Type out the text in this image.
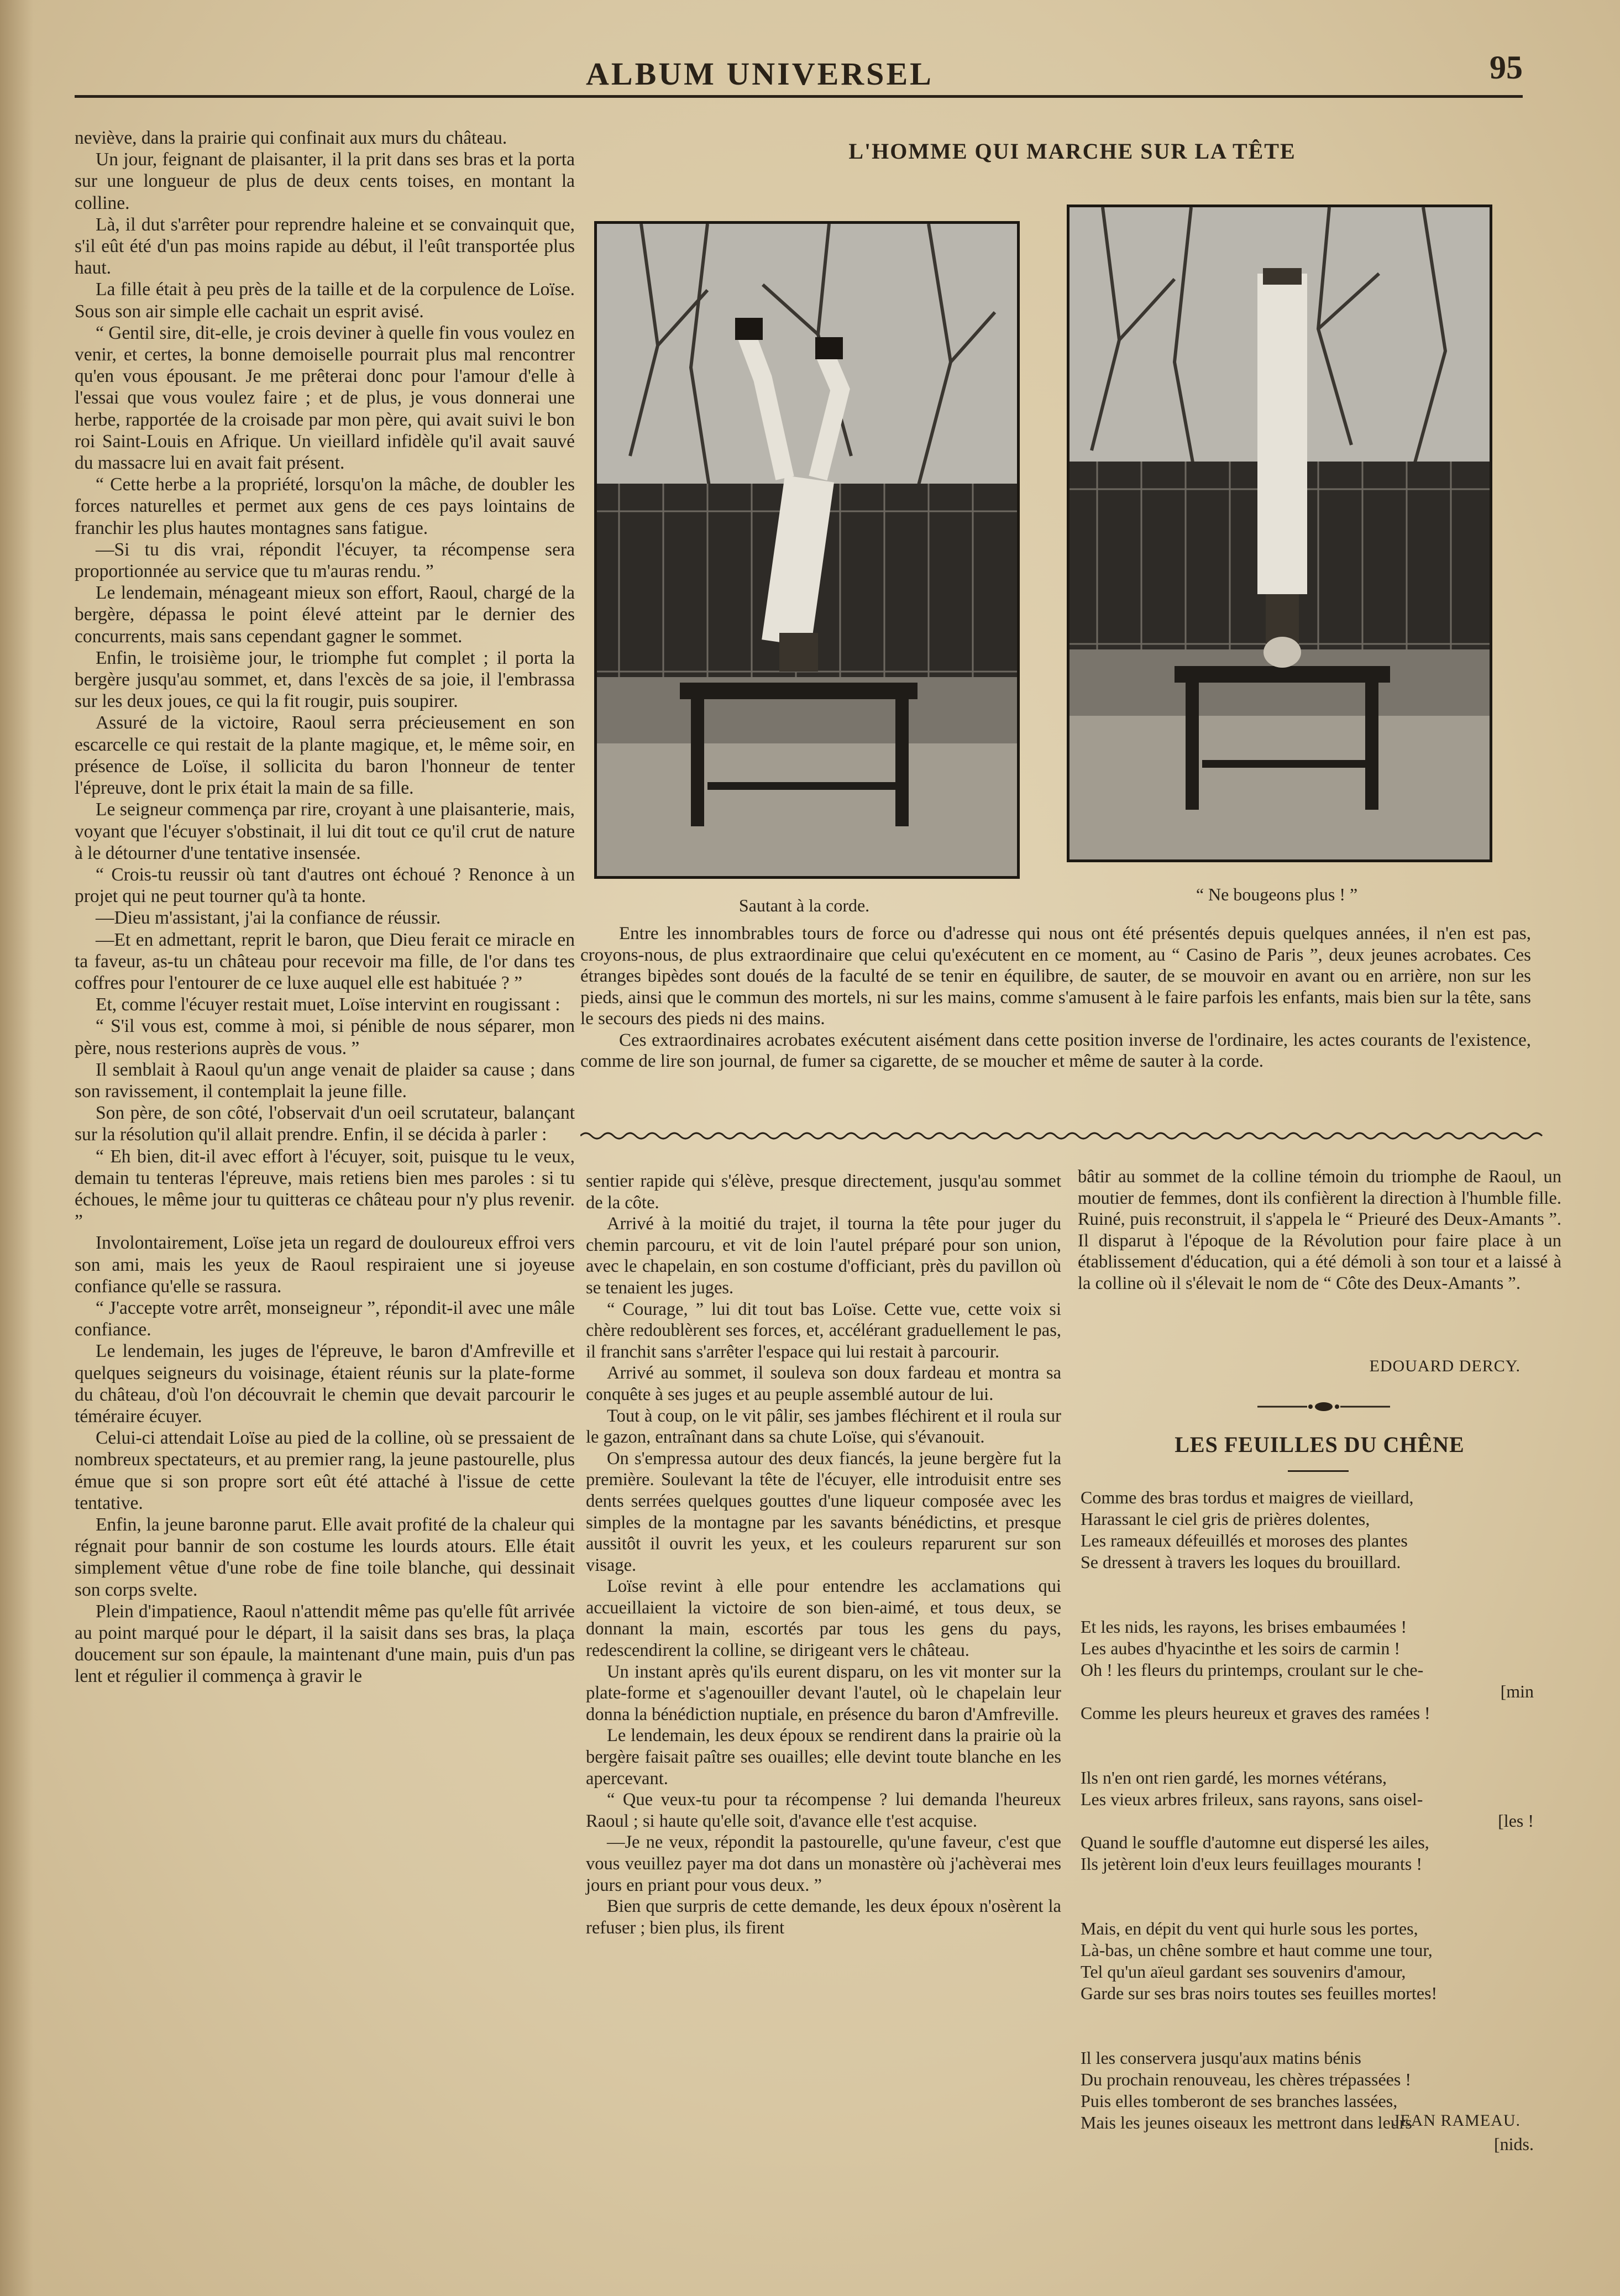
ALBUM UNIVERSEL	95

neviève, dans la prairie qui confinait aux murs du château.

Un jour, feignant de plaisanter, il la prit dans ses bras et la porta sur une longueur de plus de deux cents toises, en montant la colline.

Là, il dut s'arrêter pour reprendre haleine et se convainquit que, s'il eût été d'un pas moins rapide au début, il l'eût transportée plus haut.

La fille était à peu près de la taille et de la corpulence de Loïse. Sous son air simple elle cachait un esprit avisé.

“ Gentil sire, dit-elle, je crois deviner à quelle fin vous voulez en venir, et certes, la bonne demoiselle pourrait plus mal rencontrer qu'en vous épousant. Je me prêterai donc pour l'amour d'elle à l'essai que vous voulez faire ; et de plus, je vous donnerai une herbe, rapportée de la croisade par mon père, qui avait suivi le bon roi Saint-Louis en Afrique. Un vieillard infidèle qu'il avait sauvé du massacre lui en avait fait présent.

“ Cette herbe a la propriété, lorsqu'on la mâche, de doubler les forces naturelles et permet aux gens de ces pays lointains de franchir les plus hautes montagnes sans fatigue.

—Si tu dis vrai, répondit l'écuyer, ta récompense sera proportionnée au service que tu m'auras rendu. ”

Le lendemain, ménageant mieux son effort, Raoul, chargé de la bergère, dépassa le point élevé atteint par le dernier des concurrents, mais sans cependant gagner le sommet.

Enfin, le troisième jour, le triomphe fut complet ; il porta la bergère jusqu'au sommet, et, dans l'excès de sa joie, il l'embrassa sur les deux joues, ce qui la fit rougir, puis soupirer.

Assuré de la victoire, Raoul serra précieusement en son escarcelle ce qui restait de la plante magique, et, le même soir, en présence de Loïse, il sollicita du baron l'honneur de tenter l'épreuve, dont le prix était la main de sa fille.

Le seigneur commença par rire, croyant à une plaisanterie, mais, voyant que l'écuyer s'obstinait, il lui dit tout ce qu'il crut de nature à le détourner d'une tentative insensée.

“ Crois-tu reussir où tant d'autres ont échoué ? Renonce à un projet qui ne peut tourner qu'à ta honte.

—Dieu m'assistant, j'ai la confiance de réussir.

—Et en admettant, reprit le baron, que Dieu ferait ce miracle en ta faveur, as-tu un château pour recevoir ma fille, de l'or dans tes coffres pour l'entourer de ce luxe auquel elle est habituée ? ”

Et, comme l'écuyer restait muet, Loïse intervint en rougissant :

“ S'il vous est, comme à moi, si pénible de nous séparer, mon père, nous resterions auprès de vous. ”

Il semblait à Raoul qu'un ange venait de plaider sa cause ; dans son ravissement, il contemplait la jeune fille.

Son père, de son côté, l'observait d'un oeil scrutateur, balançant sur la résolution qu'il allait prendre. Enfin, il se décida à parler :

“ Eh bien, dit-il avec effort à l'écuyer, soit, puisque tu le veux, demain tu tenteras l'épreuve, mais retiens bien mes paroles : si tu échoues, le même jour tu quitteras ce château pour n'y plus revenir. ”

Involontairement, Loïse jeta un regard de douloureux effroi vers son ami, mais les yeux de Raoul respiraient une si joyeuse confiance qu'elle se rassura.

“ J'accepte votre arrêt, monseigneur ”, répondit-il avec une mâle confiance.

Le lendemain, les juges de l'épreuve, le baron d'Amfreville et quelques seigneurs du voisinage, étaient réunis sur la plate-forme du château, d'où l'on découvrait le chemin que devait parcourir le téméraire écuyer.

Celui-ci attendait Loïse au pied de la colline, où se pressaient de nombreux spectateurs, et au premier rang, la jeune pastourelle, plus émue que si son propre sort eût été attaché à l'issue de cette tentative.

Enfin, la jeune baronne parut. Elle avait profité de la chaleur qui régnait pour bannir de son costume les lourds atours. Elle était simplement vêtue d'une robe de fine toile blanche, qui dessinait son corps svelte.

Plein d'impatience, Raoul n'attendit même pas qu'elle fût arrivée au point marqué pour le départ, il la saisit dans ses bras, la plaça doucement sur son épaule, la maintenant d'une main, puis d'un pas lent et régulier il commença à gravir le

L'HOMME QUI MARCHE SUR LA TÊTE
Sautant à la corde.
“ Ne bougeons plus ! ”

Entre les innombrables tours de force ou d'adresse qui nous ont été présentés depuis quelques années, il n'en est pas, croyons-nous, de plus extraordinaire que celui qu'exécutent en ce moment, au “ Casino de Paris ”, deux jeunes acrobates. Ces étranges bipèdes sont doués de la faculté de se tenir en équilibre, de sauter, de se mouvoir en avant ou en arrière, non sur les pieds, ainsi que le commun des mortels, ni sur les mains, comme s'amusent à le faire parfois les enfants, mais bien sur la tête, sans le secours des pieds ni des mains.

Ces extraordinaires acrobates exécutent aisément dans cette position inverse de l'ordinaire, les actes courants de l'existence, comme de lire son journal, de fumer sa cigarette, de se moucher et même de sauter à la corde.

sentier rapide qui s'élève, presque directement, jusqu'au sommet de la côte.

Arrivé à la moitié du trajet, il tourna la tête pour juger du chemin parcouru, et vit de loin l'autel préparé pour son union, avec le chapelain, en son costume d'officiant, près du pavillon où se tenaient les juges.

“ Courage, ” lui dit tout bas Loïse. Cette vue, cette voix si chère redoublèrent ses forces, et, accélérant graduellement le pas, il franchit sans s'arrêter l'espace qui lui restait à parcourir.

Arrivé au sommet, il souleva son doux fardeau et montra sa conquête à ses juges et au peuple assemblé autour de lui.

Tout à coup, on le vit pâlir, ses jambes fléchirent et il roula sur le gazon, entraînant dans sa chute Loïse, qui s'évanouit.

On s'empressa autour des deux fiancés, la jeune bergère fut la première. Soulevant la tête de l'écuyer, elle introduisit entre ses dents serrées quelques gouttes d'une liqueur composée avec les simples de la montagne par les savants bénédictins, et presque aussitôt il ouvrit les yeux, et les couleurs reparurent sur son visage.

Loïse revint à elle pour entendre les acclamations qui accueillaient la victoire de son bien-aimé, et tous deux, se donnant la main, escortés par tous les gens du pays, redescendirent la colline, se dirigeant vers le château.

Un instant après qu'ils eurent disparu, on les vit monter sur la plate-forme et s'agenouiller devant l'autel, où le chapelain leur donna la bénédiction nuptiale, en présence du baron d'Amfreville.

Le lendemain, les deux époux se rendirent dans la prairie où la bergère faisait paître ses ouailles; elle devint toute blanche en les apercevant.

“ Que veux-tu pour ta récompense ? lui demanda l'heureux Raoul ; si haute qu'elle soit, d'avance elle t'est acquise.

—Je ne veux, répondit la pastourelle, qu'une faveur, c'est que vous veuillez payer ma dot dans un monastère où j'achèverai mes jours en priant pour vous deux. ”

Bien que surpris de cette demande, les deux époux n'osèrent la refuser ; bien plus, ils firent

bâtir au sommet de la colline témoin du triomphe de Raoul, un moutier de femmes, dont ils confièrent la direction à l'humble fille. Ruiné, puis reconstruit, il s'appela le “ Prieuré des Deux-Amants ”. Il disparut à l'époque de la Révolution pour faire place à un établissement d'éducation, qui a été démoli à son tour et a laissé à la colline où il s'élevait le nom de “ Côte des Deux-Amants ”.

EDOUARD DERCY.
LES FEUILLES DU CHÊNE
Comme des bras tordus et maigres de vieillard,
Harassant le ciel gris de prières dolentes,
Les rameaux défeuillés et moroses des plantes
Se dressent à travers les loques du brouillard.
Et les nids, les rayons, les brises embaumées !
Les aubes d'hyacinthe et les soirs de carmin !
Oh ! les fleurs du printemps, croulant sur le che-
[min
Comme les pleurs heureux et graves des ramées !
Ils n'en ont rien gardé, les mornes vétérans,
Les vieux arbres frileux, sans rayons, sans oisel-
[les !
Quand le souffle d'automne eut dispersé les ailes,
Ils jetèrent loin d'eux leurs feuillages mourants !
Mais, en dépit du vent qui hurle sous les portes,
Là-bas, un chêne sombre et haut comme une tour,
Tel qu'un aïeul gardant ses souvenirs d'amour,
Garde sur ses bras noirs toutes ses feuilles mortes!
Il les conservera jusqu'aux matins bénis
Du prochain renouveau, les chères trépassées !
Puis elles tomberont de ses branches lassées,
Mais les jeunes oiseaux les mettront dans leurs
[nids.
JEAN RAMEAU.
